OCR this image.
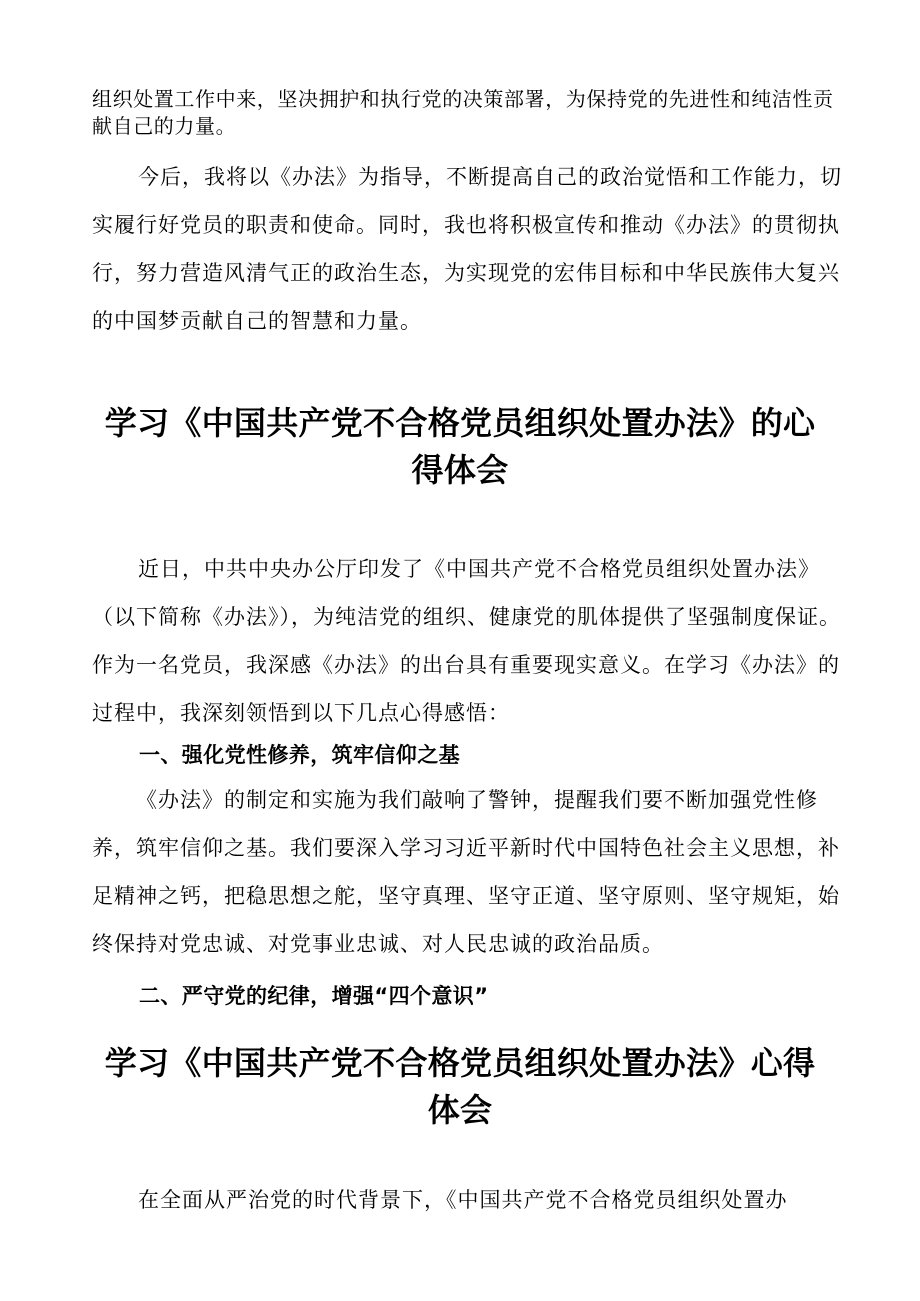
组织处置工作中来，坚决拥护和执行党的决策部署，为保持党的先进性和纯洁性贡献自己的力量。

今后，我将以《办法》为指导，不断提高自己的政治觉悟和工作能力，切实履行好党员的职责和使命。同时，我也将积极宣传和推动《办法》的贯彻执行，努力营造风清气正的政治生态，为实现党的宏伟目标和中华民族伟大复兴的中国梦贡献自己的智慧和力量。

学习《中国共产党不合格党员组织处置办法》的心得体会

近日，中共中央办公厅印发了《中国共产党不合格党员组织处置办法》（以下简称《办法》），为纯洁党的组织、健康党的肌体提供了坚强制度保证。作为一名党员，我深感《办法》的出台具有重要现实意义。在学习《办法》的过程中，我深刻领悟到以下几点心得感悟：

一、强化党性修养，筑牢信仰之基

《办法》的制定和实施为我们敲响了警钟，提醒我们要不断加强党性修养，筑牢信仰之基。我们要深入学习习近平新时代中国特色社会主义思想，补足精神之钙，把稳思想之舵，坚守真理、坚守正道、坚守原则、坚守规矩，始终保持对党忠诚、对党事业忠诚、对人民忠诚的政治品质。

二、严守党的纪律，增强“四个意识”
学习《中国共产党不合格党员组织处置办法》心得体会

在全面从严治党的时代背景下，《中国共产党不合格党员组织处置办
